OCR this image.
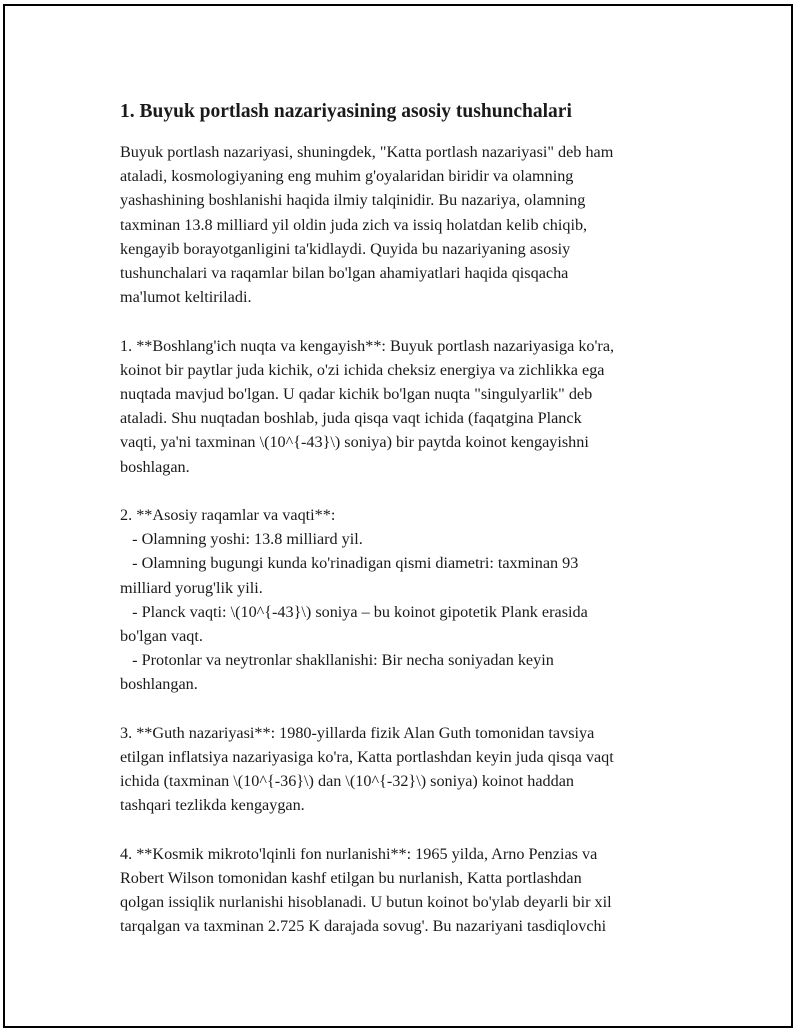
1. Buyuk portlash nazariyasining asosiy tushunchalari
Buyuk portlash nazariyasi, shuningdek, "Katta portlash nazariyasi" deb ham
ataladi, kosmologiyaning eng muhim g'oyalaridan biridir va olamning
yashashining boshlanishi haqida ilmiy talqinidir. Bu nazariya, olamning
taxminan 13.8 milliard yil oldin juda zich va issiq holatdan kelib chiqib,
kengayib borayotganligini ta'kidlaydi. Quyida bu nazariyaning asosiy
tushunchalari va raqamlar bilan bo'lgan ahamiyatlari haqida qisqacha
ma'lumot keltiriladi.
1. **Boshlang'ich nuqta va kengayish**: Buyuk portlash nazariyasiga ko'ra,
koinot bir paytlar juda kichik, o'zi ichida cheksiz energiya va zichlikka ega
nuqtada mavjud bo'lgan. U qadar kichik bo'lgan nuqta "singulyarlik" deb
ataladi. Shu nuqtadan boshlab, juda qisqa vaqt ichida (faqatgina Planck
vaqti, ya'ni taxminan \(10^{-43}\) soniya) bir paytda koinot kengayishni
boshlagan.
2. **Asosiy raqamlar va vaqti**:
- Olamning yoshi: 13.8 milliard yil.
- Olamning bugungi kunda ko'rinadigan qismi diametri: taxminan 93
milliard yorug'lik yili.
- Planck vaqti: \(10^{-43}\) soniya – bu koinot gipotetik Plank erasida
bo'lgan vaqt.
- Protonlar va neytronlar shakllanishi: Bir necha soniyadan keyin
boshlangan.
3. **Guth nazariyasi**: 1980-yillarda fizik Alan Guth tomonidan tavsiya
etilgan inflatsiya nazariyasiga ko'ra, Katta portlashdan keyin juda qisqa vaqt
ichida (taxminan \(10^{-36}\) dan \(10^{-32}\) soniya) koinot haddan
tashqari tezlikda kengaygan.
4. **Kosmik mikroto'lqinli fon nurlanishi**: 1965 yilda, Arno Penzias va
Robert Wilson tomonidan kashf etilgan bu nurlanish, Katta portlashdan
qolgan issiqlik nurlanishi hisoblanadi. U butun koinot bo'ylab deyarli bir xil
tarqalgan va taxminan 2.725 K darajada sovug'. Bu nazariyani tasdiqlovchi
